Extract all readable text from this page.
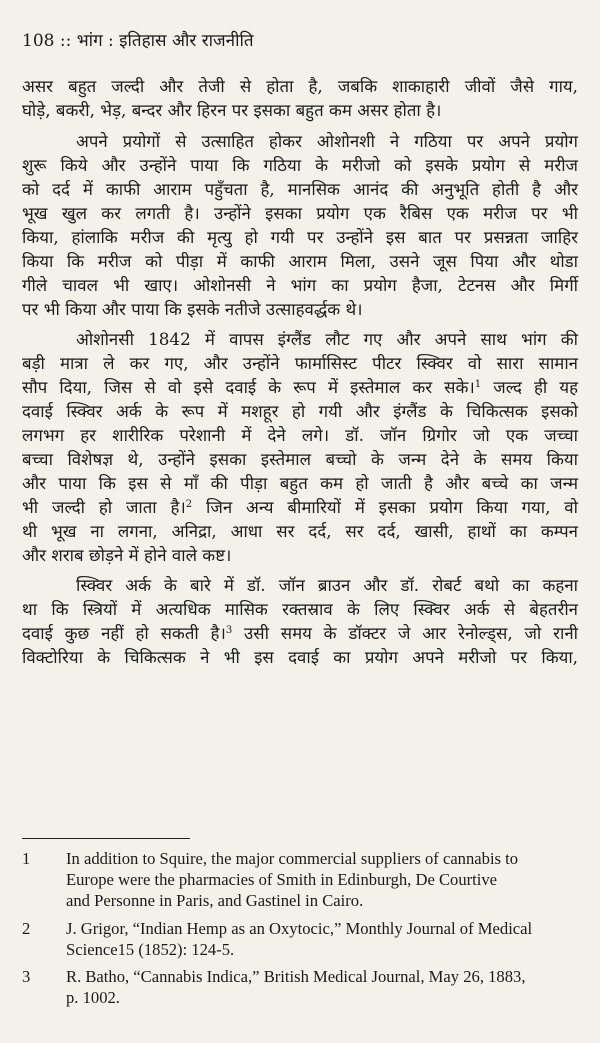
108 :: भांग : इतिहास और राजनीति
असर बहुत जल्दी और तेजी से होता है, जबकि शाकाहारी जीवों जैसे गाय,
घोड़े, बकरी, भेड़, बन्दर और हिरन पर इसका बहुत कम असर होता है।
अपने प्रयोगों से उत्साहित होकर ओशोनशी ने गठिया पर अपने प्रयोग
शुरू किये और उन्होंने पाया कि गठिया के मरीजो को इसके प्रयोग से मरीज
को दर्द में काफी आराम पहुँचता है, मानसिक आनंद की अनुभूति होती है और
भूख खुल कर लगती है। उन्होंने इसका प्रयोग एक रैबिस एक मरीज पर भी
किया, हांलाकि मरीज की मृत्यु हो गयी पर उन्होंने इस बात पर प्रसन्नता जाहिर
किया कि मरीज को पीड़ा में काफी आराम मिला, उसने जूस पिया और थोडा
गीले चावल भी खाए। ओशोनसी ने भांग का प्रयोग हैजा, टेटनस और मिर्गी
पर भी किया और पाया कि इसके नतीजे उत्साहवर्द्धक थे।
ओशोनसी 1842 में वापस इंग्लैंड लौट गए और अपने साथ भांग की
बड़ी मात्रा ले कर गए, और उन्होंने फार्मासिस्ट पीटर स्क्विर वो सारा सामान
सौप दिया, जिस से वो इसे दवाई के रूप में इस्तेमाल कर सके।$^1$ जल्द ही यह
दवाई स्क्विर अर्क के रूप में मशहूर हो गयी और इंग्लैंड के चिकित्सक इसको
लगभग हर शारीरिक परेशानी में देने लगे। डॉ. जॉन ग्रिगोर जो एक जच्चा
बच्चा विशेषज्ञ थे, उन्होंने इसका इस्तेमाल बच्चो के जन्म देने के समय किया
और पाया कि इस से माँ की पीड़ा बहुत कम हो जाती है और बच्चे का जन्म
भी जल्दी हो जाता है।$^2$ जिन अन्य बीमारियों में इसका प्रयोग किया गया, वो
थी भूख ना लगना, अनिद्रा, आधा सर दर्द, सर दर्द, खासी, हाथों का कम्पन
और शराब छोड़ने में होने वाले कष्ट।
स्क्विर अर्क के बारे में डॉ. जॉन ब्राउन और डॉ. रोबर्ट बथो का कहना
था कि स्त्रियों में अत्यधिक मासिक रक्तस्राव के लिए स्क्विर अर्क से बेहतरीन
दवाई कुछ नहीं हो सकती है।$^3$ उसी समय के डॉक्टर जे आर रेनोल्ड्स, जो रानी
विक्टोरिया के चिकित्सक ने भी इस दवाई का प्रयोग अपने मरीजो पर किया,
1	In addition to Squire, the major commercial suppliers of cannabis to
Europe were the pharmacies of Smith in Edinburgh, De Courtive
and Personne in Paris, and Gastinel in Cairo.
2	J. Grigor, “Indian Hemp as an Oxytocic,” Monthly Journal of Medical
Science15 (1852): 124-5.
3	R. Batho, “Cannabis Indica,” British Medical Journal, May 26, 1883,
p. 1002.
